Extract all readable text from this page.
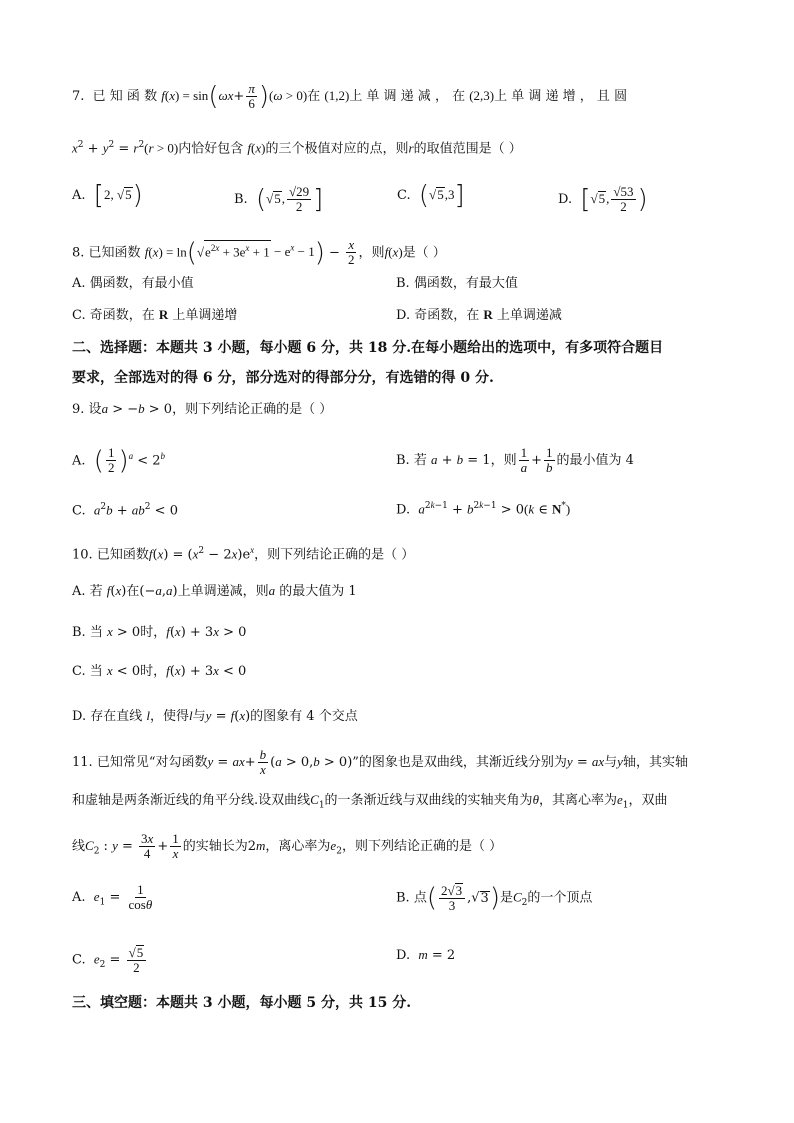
7. 已 知 函 数 $f(x) = \sin(\omega x+ \frac{\pi}{6} )(\omega > 0)$在 (1,2)上 单 调 递 减 ， 在 (2,3)上 单 调 递 增 ， 且 圆
$x^2 + y^2 = r^2(r > 0)$内恰好包含 f(x)的三个极值对应的点，则r的取值范围是（ ）
A. [2, √5)	B. (√5, $\frac{√29}{2}$ ]	C. (√5,3]	D. [√5, $\frac{√53}{2}$ )
8. 已知函数 $f(x) = \ln(√e^{2x} + 3e^x + 1 - e^x - 1) - \frac{x}{2}$ ，则f(x)是（ ）
A. 偶函数，有最小值	B. 偶函数，有最大值
C. 奇函数，在 R 上单调递增	D. 奇函数，在 R 上单调递减
二、选择题：本题共 3 小题，每小题 6 分，共 18 分.在每小题给出的选项中，有多项符合题目
要求，全部选对的得 6 分，部分选对的得部分分，有选错的得 0 分.
9. 设a > −b > 0，则下列结论正确的是（ ）
A. ( $\frac{1}{2} )^a < 2^b$	B. 若 a + b = 1，则 $\frac{1}{a} + \frac{1}{b}$ 的最小值为 4
C. $a^2b + ab^2 < 0$	D. $a^{2k-1} + b^{2k-1} > 0(k$ ∈ N*)
10. 已知函数$f(x) = (x^2 - 2x)e^x$，则下列结论正确的是（ ）
A. 若 f(x)在(−a,a)上单调递减，则a 的最大值为 1
B. 当 x > 0时，f(x) + 3x > 0
C. 当 x < 0时，f(x) + 3x < 0
D. 存在直线 l，使得l与y = f(x)的图象有 4 个交点
11. 已知常见“对勾函数$y = ax+ \frac{b}{x} (a > 0,b > 0)$”的图象也是双曲线，其渐近线分别为y = ax与y轴，其实轴
和虚轴是两条渐近线的角平分线.设双曲线$C_1$的一条渐近线与双曲线的实轴夹角为θ，其离心率为$e_1$，双曲
线$C_2$ : $y = \frac{3x}{4} + \frac{1}{x}$ 的实轴长为2m，离心率为$e_2$，则下列结论正确的是（ ）
A. $e_1 = \frac{1}{\cos\theta}$	B. 点( $\frac{2√3}{3} ,√3$)是$C_2$的一个顶点
C. $e_2 = \frac{√5}{2}$	D. m = 2
三、填空题：本题共 3 小题，每小题 5 分，共 15 分.
